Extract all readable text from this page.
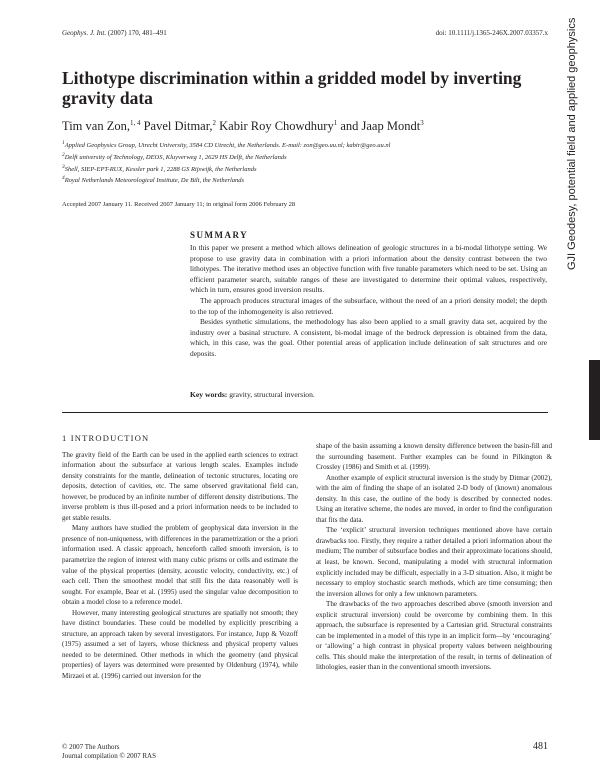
Geophys. J. Int. (2007) 170, 481–491	doi: 10.1111/j.1365-246X.2007.03357.x GJI Geodesy, potential field and applied geophysics
Lithotype discrimination within a gridded model by inverting gravity data
Tim van Zon,$^{1, 4}$ Pavel Ditmar,$^2$ Kabir Roy Chowdhury$^1$ and Jaap Mondt$^3$
$^1$Applied Geophysics Group, Utrecht University, 3584 CD Utrecht, the Netherlands. E-mail: zon@geo.uu.nl; kabir@geo.uu.nl
$^2$Delft university of Technology, DEOS, Kluyverweg 1, 2629 HS Delft, the Netherlands
$^3$Shell, SIEP-EPT-RUX, Kessler park 1, 2288 GS Rijswijk, the Netherlands
$^4$Royal Netherlands Meteorological Institute, De Bilt, the Netherlands
Accepted 2007 January 11. Received 2007 January 11; in original form 2006 February 28
SUMMARY

In this paper we present a method which allows delineation of geologic structures in a bi-modal lithotype setting. We propose to use gravity data in combination with a priori information about the density contrast between the two lithotypes. The iterative method uses an objective function with five tunable parameters which need to be set. Using an efficient parameter search, suitable ranges of these are investigated to determine their optimal values, respectively, which in turn, ensures good inversion results.

The approach produces structural images of the subsurface, without the need of an a priori density model; the depth to the top of the inhomogeneity is also retrieved.

Besides synthetic simulations, the methodology has also been applied to a small gravity data set, acquired by the industry over a basinal structure. A consistent, bi-modal image of the bedrock depression is obtained from the data, which, in this case, was the goal. Other potential areas of application include delineation of salt structures and ore deposits.

Key words: gravity, structural inversion.
1 INTRODUCTION

The gravity field of the Earth can be used in the applied earth sciences to extract information about the subsurface at various length scales. Examples include density constraints for the mantle, delineation of tectonic structures, locating ore deposits, detection of cavities, etc. The same observed gravitational field can, however, be produced by an infinite number of different density distributions. The inverse problem is thus ill-posed and a priori information needs to be included to get stable results.

Many authors have studied the problem of geophysical data inversion in the presence of non-uniqueness, with differences in the parametrization or the a priori information used. A classic approach, henceforth called smooth inversion, is to parametrize the region of interest with many cubic prisms or cells and estimate the value of the physical properties (density, acoustic velocity, conductivity, etc.) of each cell. Then the smoothest model that still fits the data reasonably well is sought. For example, Bear et al. (1995) used the singular value decomposition to obtain a model close to a reference model.

However, many interesting geological structures are spatially not smooth; they have distinct boundaries. These could be modelled by explicitly prescribing a structure, an approach taken by several investigators. For instance, Jupp & Vozoff (1975) assumed a set of layers, whose thickness and physical property values needed to be determined. Other methods in which the geometry (and physical properties) of layers was determined were presented by Oldenburg (1974), while Mirzaei et al. (1996) carried out inversion for the

shape of the basin assuming a known density difference between the basin-fill and the surrounding basement. Further examples can be found in Pilkington & Crossley (1986) and Smith et al. (1999).

Another example of explicit structural inversion is the study by Ditmar (2002), with the aim of finding the shape of an isolated 2-D body of (known) anomalous density. In this case, the outline of the body is described by connected nodes. Using an iterative scheme, the nodes are moved, in order to find the configuration that fits the data.

The ‘explicit’ structural inversion techniques mentioned above have certain drawbacks too. Firstly, they require a rather detailed a priori information about the medium; The number of subsurface bodies and their approximate locations should, at least, be known. Second, manipulating a model with structural information explicitly included may be difficult, especially in a 3-D situation. Also, it might be necessary to employ stochastic search methods, which are time consuming; then the inversion allows for only a few unknown parameters.

The drawbacks of the two approaches described above (smooth inversion and explicit structural inversion) could be overcome by combining them. In this approach, the subsurface is represented by a Cartesian grid. Structural constraints can be implemented in a model of this type in an implicit form—by ‘encouraging’ or ‘allowing’ a high contrast in physical property values between neighbouring cells. This should make the interpretation of the result, in terms of delineation of lithologies, easier than in the conventional smooth inversions.

© 2007 The Authors
Journal compilation © 2007 RAS
481
